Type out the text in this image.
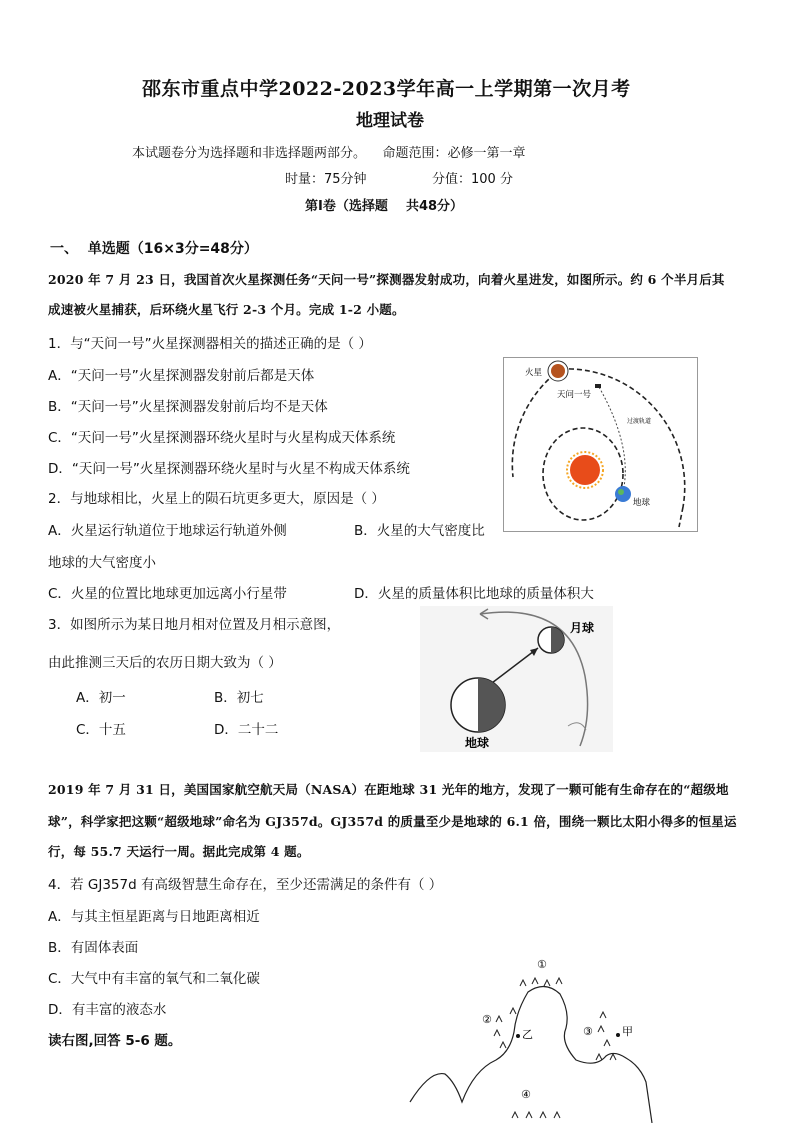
邵东市重点中学2022-2023学年高一上学期第一次月考
地理试卷
本试题卷分为选择题和非选择题两部分。    命题范围：必修一第一章
时量：75分钟	分值：100 分
第Ⅰ卷（选择题    共48分）
一、  单选题（16×3分=48分）
2020 年 7 月 23 日，我国首次火星探测任务“天问一号”探测器发射成功，向着火星进发，如图所示。约 6 个半月后其
成速被火星捕获，后环绕火星飞行 2-3 个月。完成 1-2 小题。
1．与“天问一号”火星探测器相关的描述正确的是（ ）
A．“天问一号”火星探测器发射前后都是天体
B．“天问一号”火星探测器发射前后均不是天体
C．“天问一号”火星探测器环绕火星时与火星构成天体系统
D．“天问一号”火星探测器环绕火星时与火星不构成天体系统
2．与地球相比，火星上的陨石坑更多更大，原因是（ ）
A．火星运行轨道位于地球运行轨道外侧	B．火星的大气密度比
地球的大气密度小
C．火星的位置比地球更加远离小行星带	D．火星的质量体积比地球的质量体积大
3．如图所示为某日地月相对位置及月相示意图，
由此推测三天后的农历日期大致为（ ）
A．初一	B．初七
C．十五	D．二十二
2019 年 7 月 31 日，美国国家航空航天局（NASA）在距地球 31 光年的地方，发现了一颗可能有生命存在的“超级地
球”，科学家把这颗“超级地球”命名为 GJ357d。GJ357d 的质量至少是地球的 6.1 倍，围绕一颗比太阳小得多的恒星运
行，每 55.7 天运行一周。据此完成第 4 题。
4．若 GJ357d 有高级智慧生命存在，至少还需满足的条件有（ ）
A．与其主恒星距离与日地距离相近
B．有固体表面
C．大气中有丰富的氧气和二氧化碳
D．有丰富的液态水
读右图,回答 5-6 题。
火星
天问一号
过渡轨道
地球
月球
地球
①
②
③
④
乙	甲
